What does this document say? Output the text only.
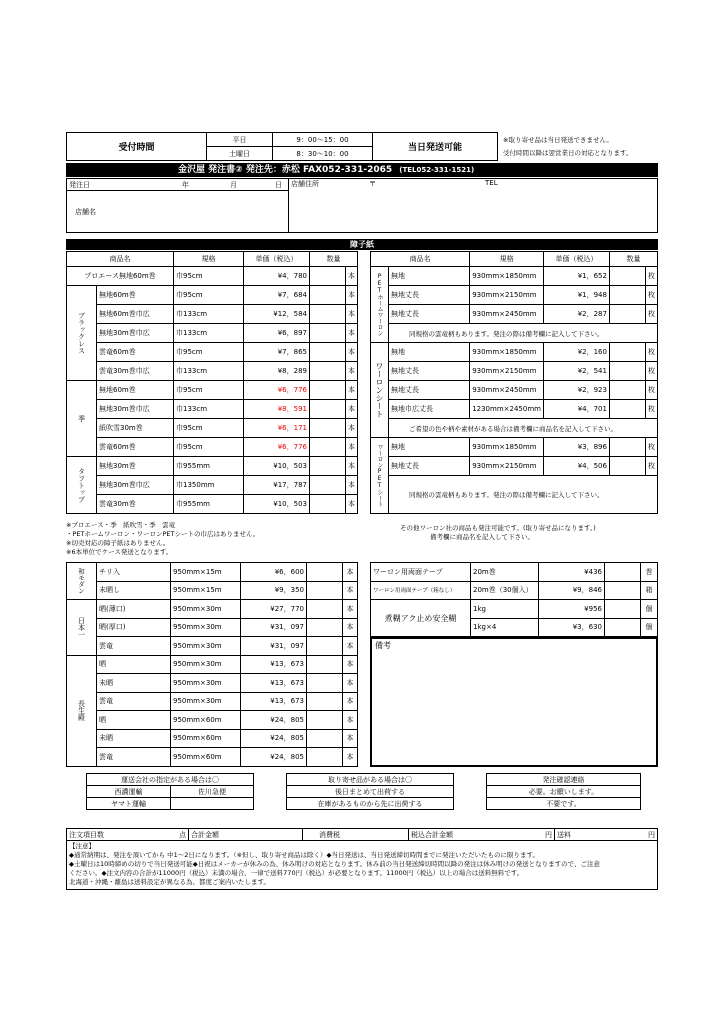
受付時間	平日	9：00～15：00	当日発送可能
	土曜日	8：30～10：00	
※取り寄せ品は当日発送できません。
受付時間以降は翌営業日の対応となります。
金沢屋 発注書② 発注先：赤松 FAX052-331-2065 (TEL052-331-1521)
発注日	年	月	日	店舗住所	〒	TEL

店舗名
障子紙
商品名		規格	単価（税込）	数量	
プロエース無地60m巻		巾95cm	¥4，780		本
ブラックレス	無地60m巻	巾95cm	¥7，684		本
	無地60m巻巾広	巾133cm	¥12，584		本
	無地30m巻巾広	巾133cm	¥6，897		本
	雲竜60m巻	巾95cm	¥7，865		本
	雲竜30m巻巾広	巾133cm	¥8，289		本
季	無地60m巻	巾95cm	¥6，776		本
	無地30m巻巾広	巾133cm	¥8，591		本
	紙吹雪30m巻	巾95cm	¥6，171		本
	雲竜60m巻	巾95cm	¥6，776		本
タフトップ	無地30m巻	巾955mm	¥10，503		本
	無地30m巻巾広	巾1350mm	¥17，787		本
	雲竜30m巻	巾955mm	¥10，503		本
※プロエース・季　紙吹雪・季　雲竜
・PETホームワーロン・ワーロンPETシートの巾広はありません。
※切売対応の障子紙はありません。
※6本単位でケース発送となります。
商品名		規格	単価（税込）	数量	
PETホームワーロン	無地	930mm×1850mm	¥1，652		枚
	無地丈長	930mm×2150mm	¥1，948		枚
	無地丈長	930mm×2450mm	¥2，287		枚
	同規格の雲竜柄もあります。発注の際は備考欄に記入して下さい。				
ワーロンシート	無地	930mm×1850mm	¥2，160		枚
	無地丈長	930mm×2150mm	¥2，541		枚
	無地丈長	930mm×2450mm	¥2，923		枚
	無地巾広丈長	1230mm×2450mm	¥4，701		枚
	ご希望の色や柄や素材がある場合は備考欄に商品名を記入して下さい。				
ワーロンPETシート	無地	930mm×1850mm	¥3，896		枚
	無地丈長	930mm×2150mm	¥4，506		枚
	同規格の雲竜柄もあります。発注の際は備考欄に記入して下さい。				
その他ワーロン社の商品も発注可能です。(取り寄せ品になります。)
備考欄に商品名を記入して下さい。
和モダン	チリ入	950mm×15m	¥6，600		本
	未晒し	950mm×15m	¥9，350		本
日本一	晒(薄口)	950mm×30m	¥27，770		本
	晒(厚口)	950mm×30m	¥31，097		本
	雲竜	950mm×30m	¥31，097		本
長生殿	晒	950mm×30m	¥13，673		本
	未晒	950mm×30m	¥13，673		本
	雲竜	950mm×30m	¥13，673		本
	晒	950mm×60m	¥24，805		本
	未晒	950mm×60m	¥24，805		本
	雲竜	950mm×60m	¥24，805		本
ワーロン用両面テープ	20m巻	¥436		巻
ワーロン用両面テープ（箱なし）	20m巻（30個入）	¥9，846		箱
煮糊アク止め安全糊	1kg	¥956		個
	1kg×4	¥3，630		個
備考
運送会社の指定がある場合は〇	
西濃運輸	佐川急便
ヤマト運輸	
取り寄せ品がある場合は〇
後日まとめて出荷する
在庫があるものから先に出荷する
発注確認連絡
必要。お願いします。
不要です。
注文項目数	点	合計金額	消費税	税込合計金額	円	送料	円
【注意】
◆通常納期は、発注を頂いてから 中1～2日になります。（※但し、取り寄せ商品は除く）◆当日発送は、当日発送締切時間までに発注いただいたものに限ります。
◆土曜日は10時締めの切りで当日発送可能◆日祝はメーカーが休みの為、休み明けの対応となります。休み前の当日発送締切時間以降の発注は休み明けの発送となりますので、ご注意
ください。◆注文内容の合計が11000円（税込）未満の場合、一律で送料770円（税込）が必要となります。11000円（税込）以上の場合は送料無料です。
北海道・沖縄・離島は送料設定が異なる為、都度ご案内いたします。
